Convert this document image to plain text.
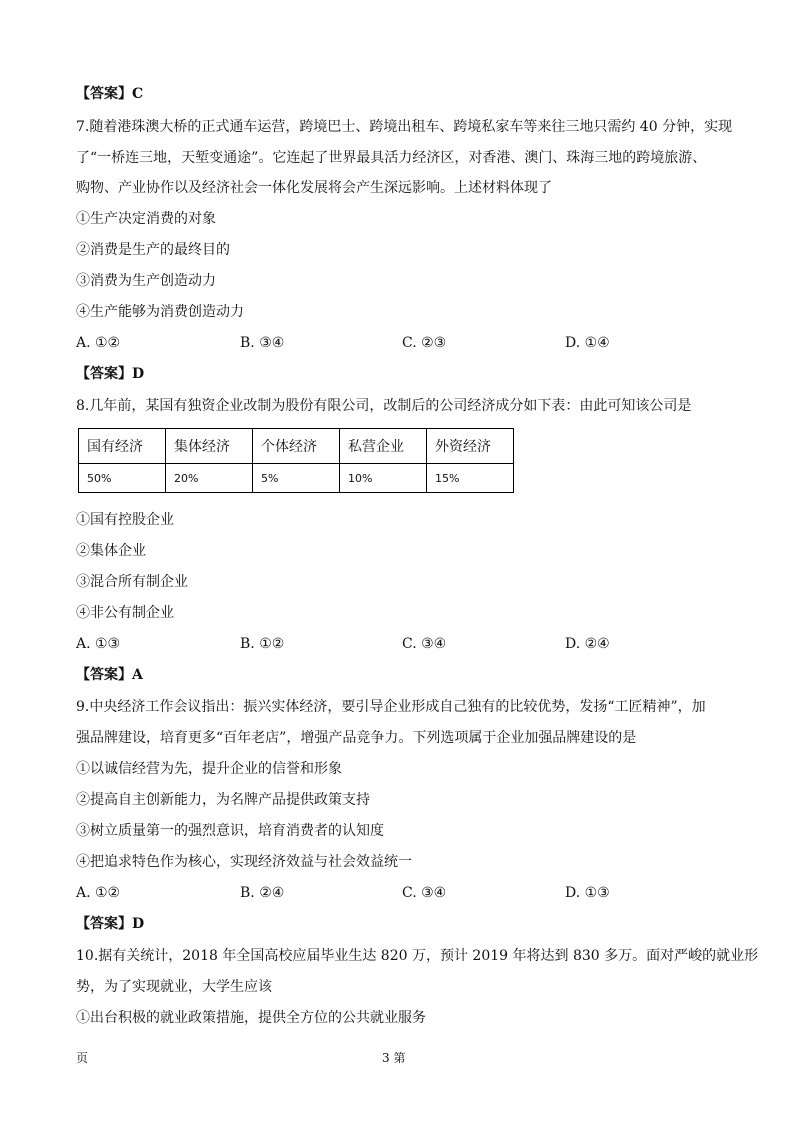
【答案】C
7.随着港珠澳大桥的正式通车运营，跨境巴士、跨境出租车、跨境私家车等来往三地只需约 40 分钟，实现
了“一桥连三地，天堑变通途”。它连起了世界最具活力经济区，对香港、澳门、珠海三地的跨境旅游、
购物、产业协作以及经济社会一体化发展将会产生深远影响。上述材料体现了
①生产决定消费的对象
②消费是生产的最终目的
③消费为生产创造动力
④生产能够为消费创造动力
A. ①②	B. ③④	C. ②③	D. ①④
【答案】D
8.几年前，某国有独资企业改制为股份有限公司，改制后的公司经济成分如下表：由此可知该公司是
国有经济	集体经济	个体经济	私营企业	外资经济
50%	20%	5%	10%	15%
①国有控股企业
②集体企业
③混合所有制企业
④非公有制企业
A. ①③	B. ①②	C. ③④	D. ②④
【答案】A
9.中央经济工作会议指出：振兴实体经济，要引导企业形成自己独有的比较优势，发扬“工匠精神”，加
强品牌建设，培育更多“百年老店”，增强产品竞争力。下列选项属于企业加强品牌建设的是
①以诚信经营为先，提升企业的信誉和形象
②提高自主创新能力，为名牌产品提供政策支持
③树立质量第一的强烈意识，培育消费者的认知度
④把追求特色作为核心，实现经济效益与社会效益统一
A. ①②	B. ②④	C. ③④	D. ①③
【答案】D
10.据有关统计，2018 年全国高校应届毕业生达 820 万，预计 2019 年将达到 830 多万。面对严峻的就业形
势，为了实现就业，大学生应该
①出台积极的就业政策措施，提供全方位的公共就业服务
页	3 第
